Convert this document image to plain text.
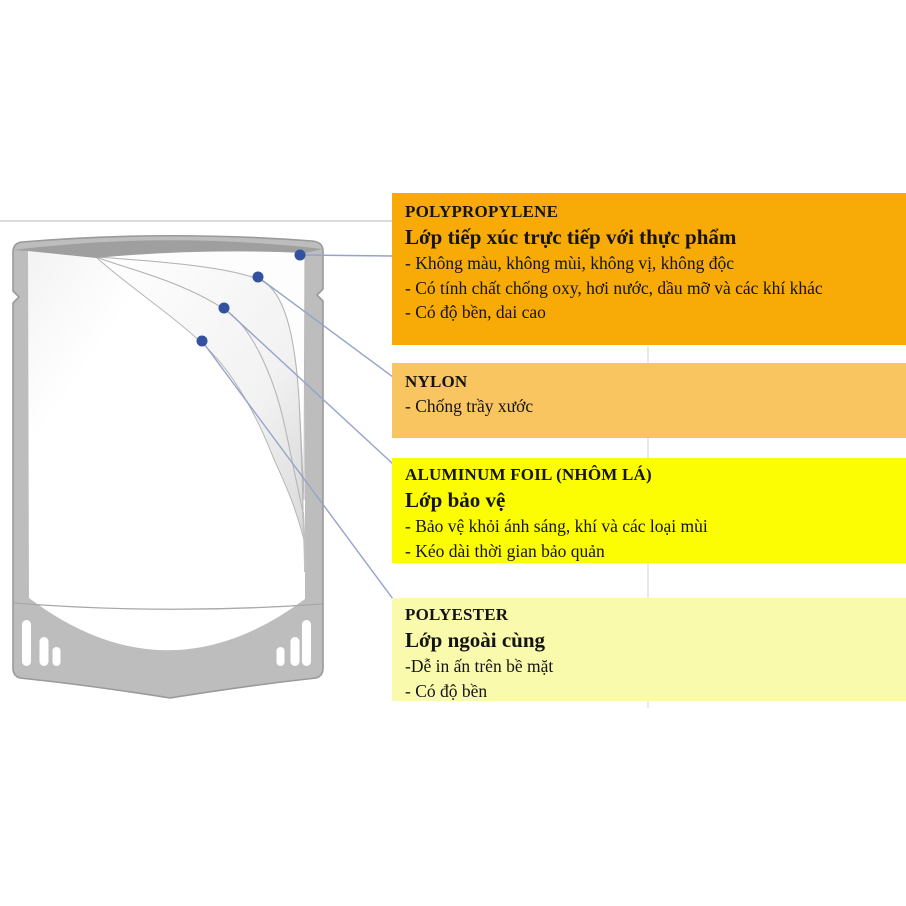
POLYPROPYLENE
Lớp tiếp xúc trực tiếp với thực phẩm
- Không màu, không mùi, không vị, không độc
- Có tính chất chống oxy, hơi nước, dầu mỡ và các khí khác
- Có độ bền, dai cao
NYLON
- Chống trầy xước
ALUMINUM FOIL (NHÔM LÁ)
Lớp bảo vệ
- Bảo vệ khỏi ánh sáng, khí và các loại mùi
- Kéo dài thời gian bảo quản
POLYESTER
Lớp ngoài cùng
-Dễ in ấn trên bề mặt
- Có độ bền
